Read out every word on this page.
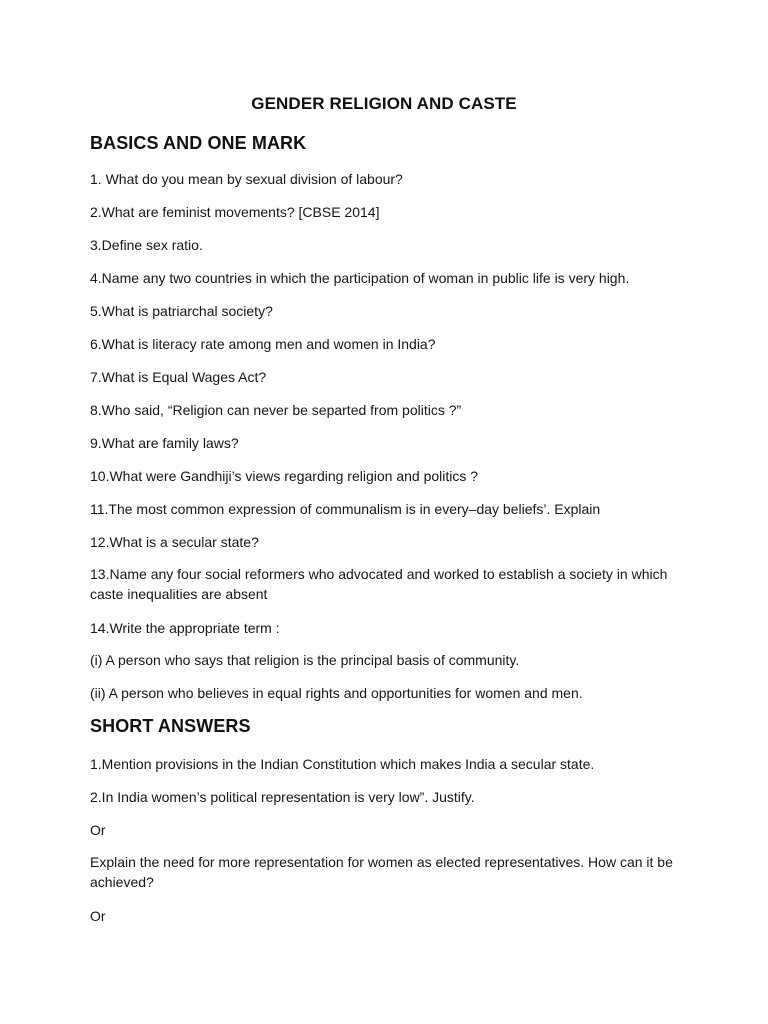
GENDER RELIGION AND CASTE
BASICS AND ONE MARK
1. What do you mean by sexual division of labour?
2.What are feminist movements? [CBSE 2014]
3.Define sex ratio.
4.Name any two countries in which the participation of woman in public life is very high.
5.What is patriarchal society?
6.What is literacy rate among men and women in India?
7.What is Equal Wages Act?
8.Who said, “Religion can never be separted from politics ?”
9.What are family laws?
10.What were Gandhiji’s views regarding religion and politics ?
11.The most common expression of communalism is in every–day beliefs’. Explain
12.What is a secular state?
13.Name any four social reformers who advocated and worked to establish a society in which caste inequalities are absent
14.Write the appropriate term :
(i) A person who says that religion is the principal basis of community.
(ii) A person who believes in equal rights and opportunities for women and men.
SHORT ANSWERS
1.Mention provisions in the Indian Constitution which makes India a secular state.
2.In India women’s political representation is very low”. Justify.
Or
Explain the need for more representation for women as elected representatives. How can it be achieved?
Or
